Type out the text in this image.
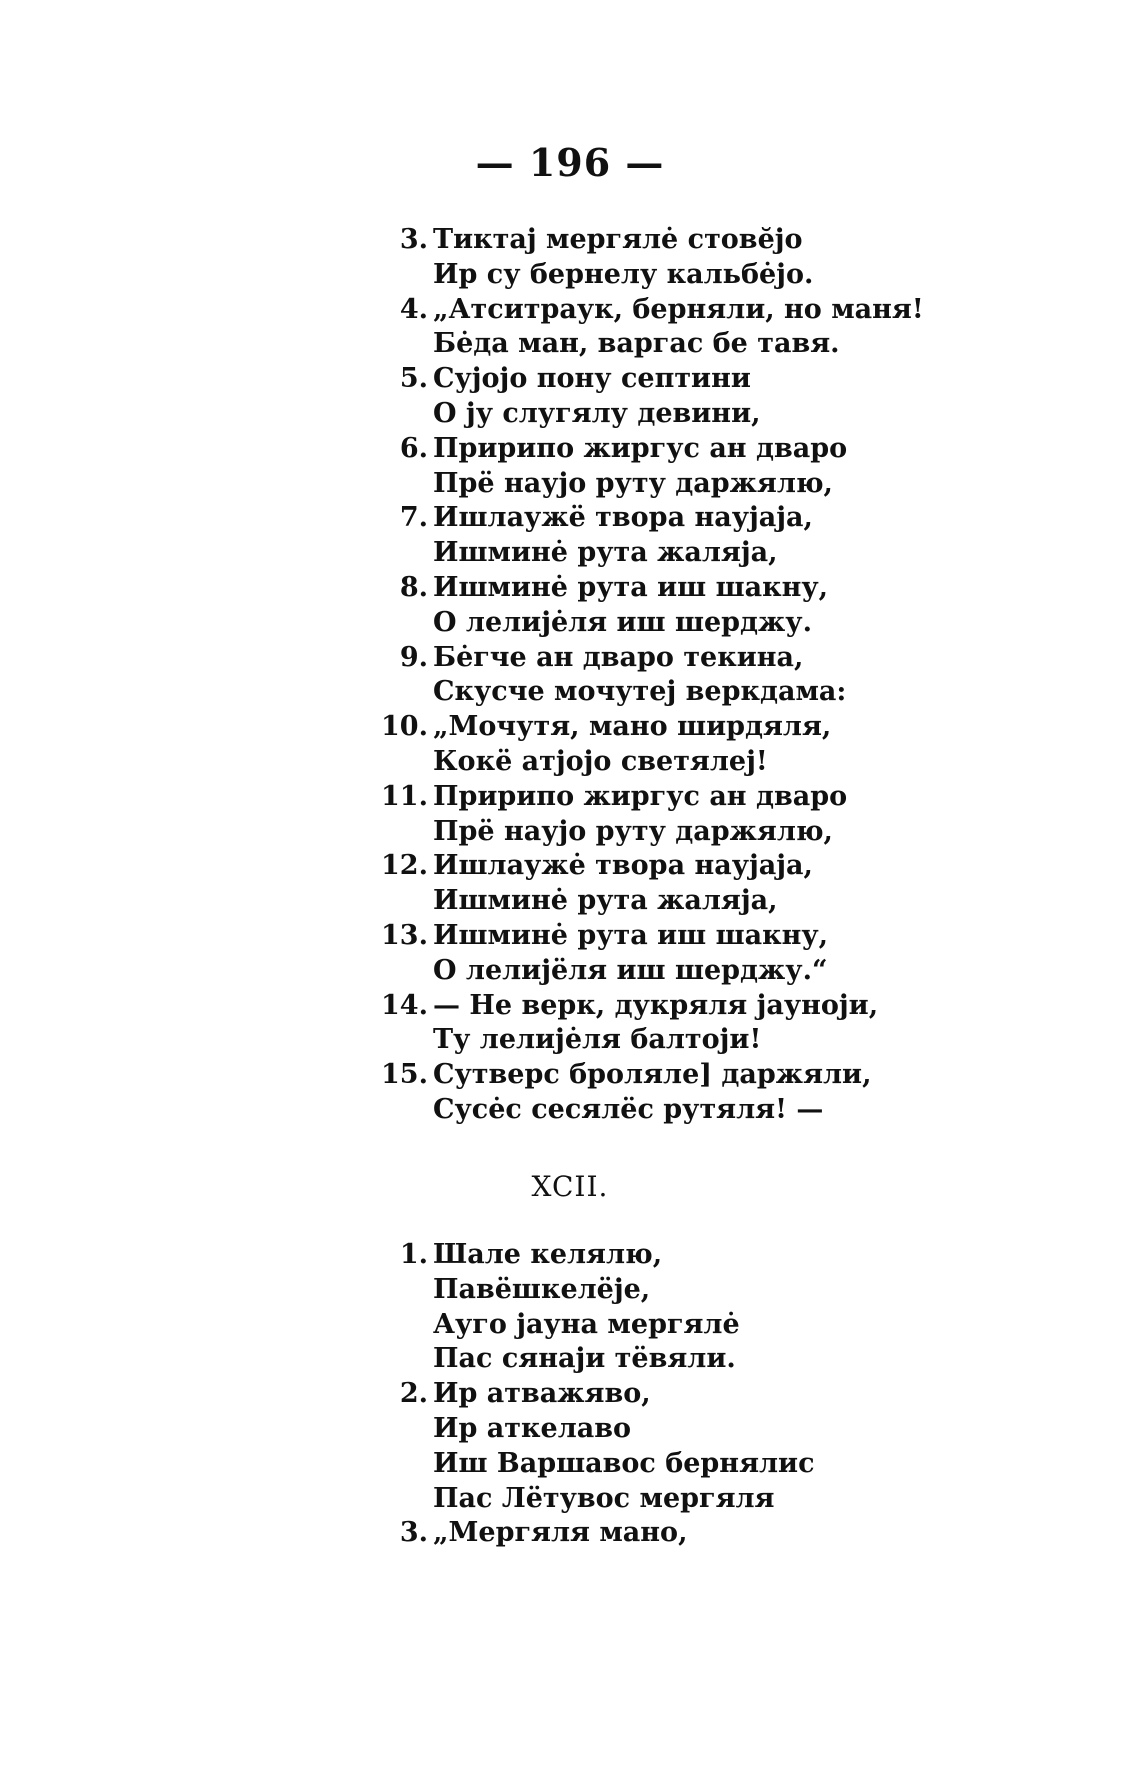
— 196 —
3. Тиктај мергялė стовĕјо
Ир су бернелу кальбėјо.
4. „Атситраук, берняли, но маня!
Бėда ман, варгас бе тавя.
5. Сујојо пону септини
О ју слугялу девини,
6. Пририпо жиргус ан дваро
Прё наујо руту даржялю,
7. Ишлаужё твора наујаја,
Ишминė рута жаляја,
8. Ишминė рута иш шакну,
О лелијėля иш шерджу.
9. Бėгче ан дваро текина,
Скусче мочутеј веркдама:
10. „Мочутя, мано ширдяля,
Кокё атјојо светялеј!
11. Пририпо жиргус ан дваро
Прё наујо руту даржялю,
12. Ишлаужė твора наујаја,
Ишминė рута жаляја,
13. Ишминė рута иш шакну,
О лелијёля иш шерджу.“
14. — Не верк, дукряля јауноји,
Ту лелијėля балтоји!
15. Сутверс броляле] даржяли,
Сусėс сесялёс рутяля! —
XCII.
1. Шале келялю,
Павёшкелёје,
Ауго јауна мергялė
Пас сянаји тёвяли.
2. Ир атважяво,
Ир аткелаво
Иш Варшавос бернялис
Пас Лётувос мергяля
3. „Мергяля мано,
